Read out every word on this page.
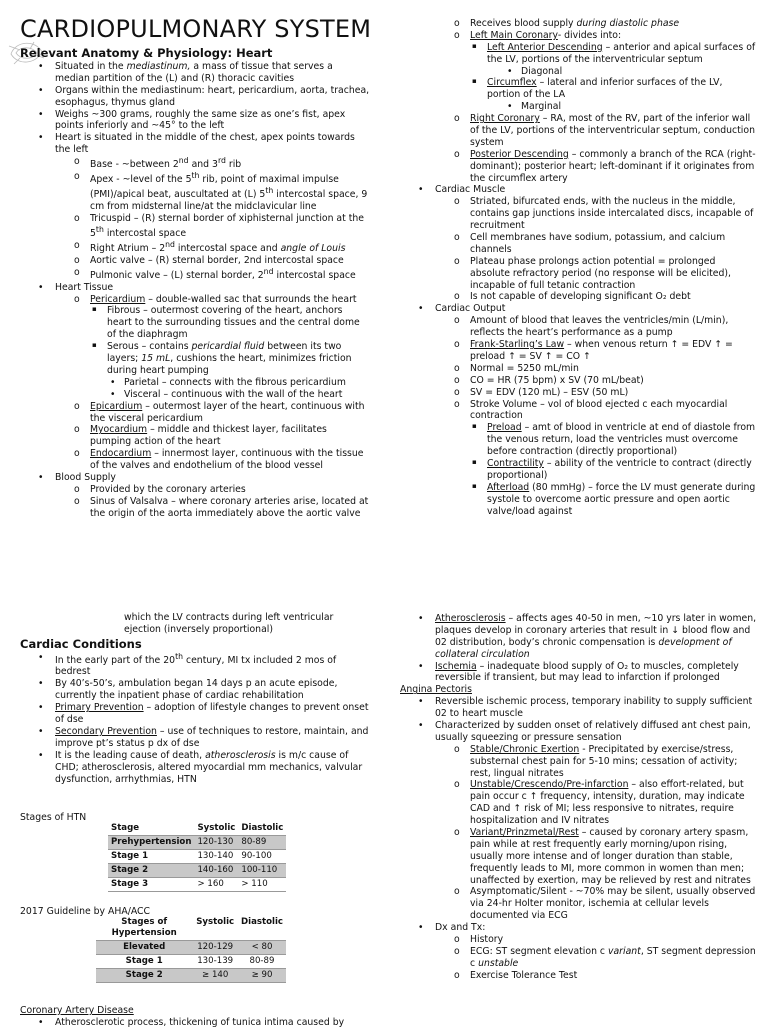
CARDIOPULMONARY SYSTEM
Relevant Anatomy & Physiology: Heart
• Situated in the mediastinum, a mass of tissue that serves a median partition of the (L) and (R) thoracic cavities
• Organs within the mediastinum: heart, pericardium, aorta, trachea, esophagus, thymus gland
• Weighs ~300 grams, roughly the same size as one’s fist, apex points inferiorly and ~45° to the left
• Heart is situated in the middle of the chest, apex points towards the left
o Base - ~between 2nd and 3rd rib
o Apex - ~level of the 5th rib, point of maximal impulse (PMI)/apical beat, auscultated at (L) 5th intercostal space, 9 cm from midsternal line/at the midclavicular line
o Tricuspid – (R) sternal border of xiphisternal junction at the 5th intercostal space
o Right Atrium – 2nd intercostal space and angle of Louis
o Aortic valve – (R) sternal border, 2nd intercostal space
o Pulmonic valve – (L) sternal border, 2nd intercostal space
• Heart Tissue
o Pericardium – double-walled sac that surrounds the heart
▪ Fibrous – outermost covering of the heart, anchors heart to the surrounding tissues and the central dome of the diaphragm
▪ Serous – contains pericardial fluid between its two layers; 15 mL, cushions the heart, minimizes friction during heart pumping
• Parietal – connects with the fibrous pericardium
• Visceral – continuous with the wall of the heart
o Epicardium – outermost layer of the heart, continuous with the visceral pericardium
o Myocardium – middle and thickest layer, facilitates pumping action of the heart
o Endocardium – innermost layer, continuous with the tissue of the valves and endothelium of the blood vessel
• Blood Supply
o Provided by the coronary arteries
o Sinus of Valsalva – where coronary arteries arise, located at the origin of the aorta immediately above the aortic valve
o Receives blood supply during diastolic phase
o Left Main Coronary- divides into:
▪ Left Anterior Descending – anterior and apical surfaces of the LV, portions of the interventricular septum
• Diagonal
▪ Circumflex – lateral and inferior surfaces of the LV, portion of the LA
• Marginal
o Right Coronary – RA, most of the RV, part of the inferior wall of the LV, portions of the interventricular septum, conduction system
o Posterior Descending – commonly a branch of the RCA (right-dominant); posterior heart; left-dominant if it originates from the circumflex artery
• Cardiac Muscle
o Striated, bifurcated ends, with the nucleus in the middle, contains gap junctions inside intercalated discs, incapable of recruitment
o Cell membranes have sodium, potassium, and calcium channels
o Plateau phase prolongs action potential = prolonged absolute refractory period (no response will be elicited), incapable of full tetanic contraction
o Is not capable of developing significant O₂ debt
• Cardiac Output
o Amount of blood that leaves the ventricles/min (L/min), reflects the heart’s performance as a pump
o Frank-Starling’s Law – when venous return ↑ = EDV ↑ = preload ↑ = SV ↑ = CO ↑
o Normal = 5250 mL/min
o CO = HR (75 bpm) x SV (70 mL/beat)
o SV = EDV (120 mL) – ESV (50 mL)
o Stroke Volume – vol of blood ejected c each myocardial contraction
▪ Preload – amt of blood in ventricle at end of diastole from the venous return, load the ventricles must overcome before contraction (directly proportional)
▪ Contractility – ability of the ventricle to contract (directly proportional)
▪ Afterload (80 mmHg) – force the LV must generate during systole to overcome aortic pressure and open aortic valve/load against
which the LV contracts during left ventricular ejection (inversely proportional)
Cardiac Conditions
• In the early part of the 20th century, MI tx included 2 mos of bedrest
• By 40’s-50’s, ambulation began 14 days p an acute episode, currently the inpatient phase of cardiac rehabilitation
• Primary Prevention – adoption of lifestyle changes to prevent onset of dse
• Secondary Prevention – use of techniques to restore, maintain, and improve pt’s status p dx of dse
• It is the leading cause of death, atherosclerosis is m/c cause of CHD; atherosclerosis, altered myocardial mm mechanics, valvular dysfunction, arrhythmias, HTN
Stages of HTN
Stage	Systolic	Diastolic
Prehypertension	120-130	80-89
Stage 1	130-140	90-100
Stage 2	140-160	100-110
Stage 3	> 160	> 110
2017 Guideline by AHA/ACC
Stages of Hypertension	Systolic	Diastolic
Elevated	120-129	< 80
Stage 1	130-139	80-89
Stage 2	≥ 140	≥ 90
Coronary Artery Disease
• Atherosclerotic process, thickening of tunica intima caused by
• Atherosclerosis – affects ages 40-50 in men, ~10 yrs later in women, plaques develop in coronary arteries that result in ↓ blood flow and 02 distribution, body’s chronic compensation is development of collateral circulation
• Ischemia – inadequate blood supply of O₂ to muscles, completely reversible if transient, but may lead to infarction if prolonged
Angina Pectoris
• Reversible ischemic process, temporary inability to supply sufficient 02 to heart muscle
• Characterized by sudden onset of relatively diffused ant chest pain, usually squeezing or pressure sensation
o Stable/Chronic Exertion - Precipitated by exercise/stress, substernal chest pain for 5-10 mins; cessation of activity; rest, lingual nitrates
o Unstable/Crescendo/Pre-infarction – also effort-related, but pain occur c ↑ frequency, intensity, duration, may indicate CAD and ↑ risk of MI; less responsive to nitrates, require hospitalization and IV nitrates
o Variant/Prinzmetal/Rest – caused by coronary artery spasm, pain while at rest frequently early morning/upon rising, usually more intense and of longer duration than stable, frequently leads to MI, more common in women than men; unaffected by exertion, may be relieved by rest and nitrates
o Asymptomatic/Silent - ~70% may be silent, usually observed via 24-hr Holter monitor, ischemia at cellular levels documented via ECG
• Dx and Tx:
o History
o ECG: ST segment elevation c variant, ST segment depression c unstable
o Exercise Tolerance Test
